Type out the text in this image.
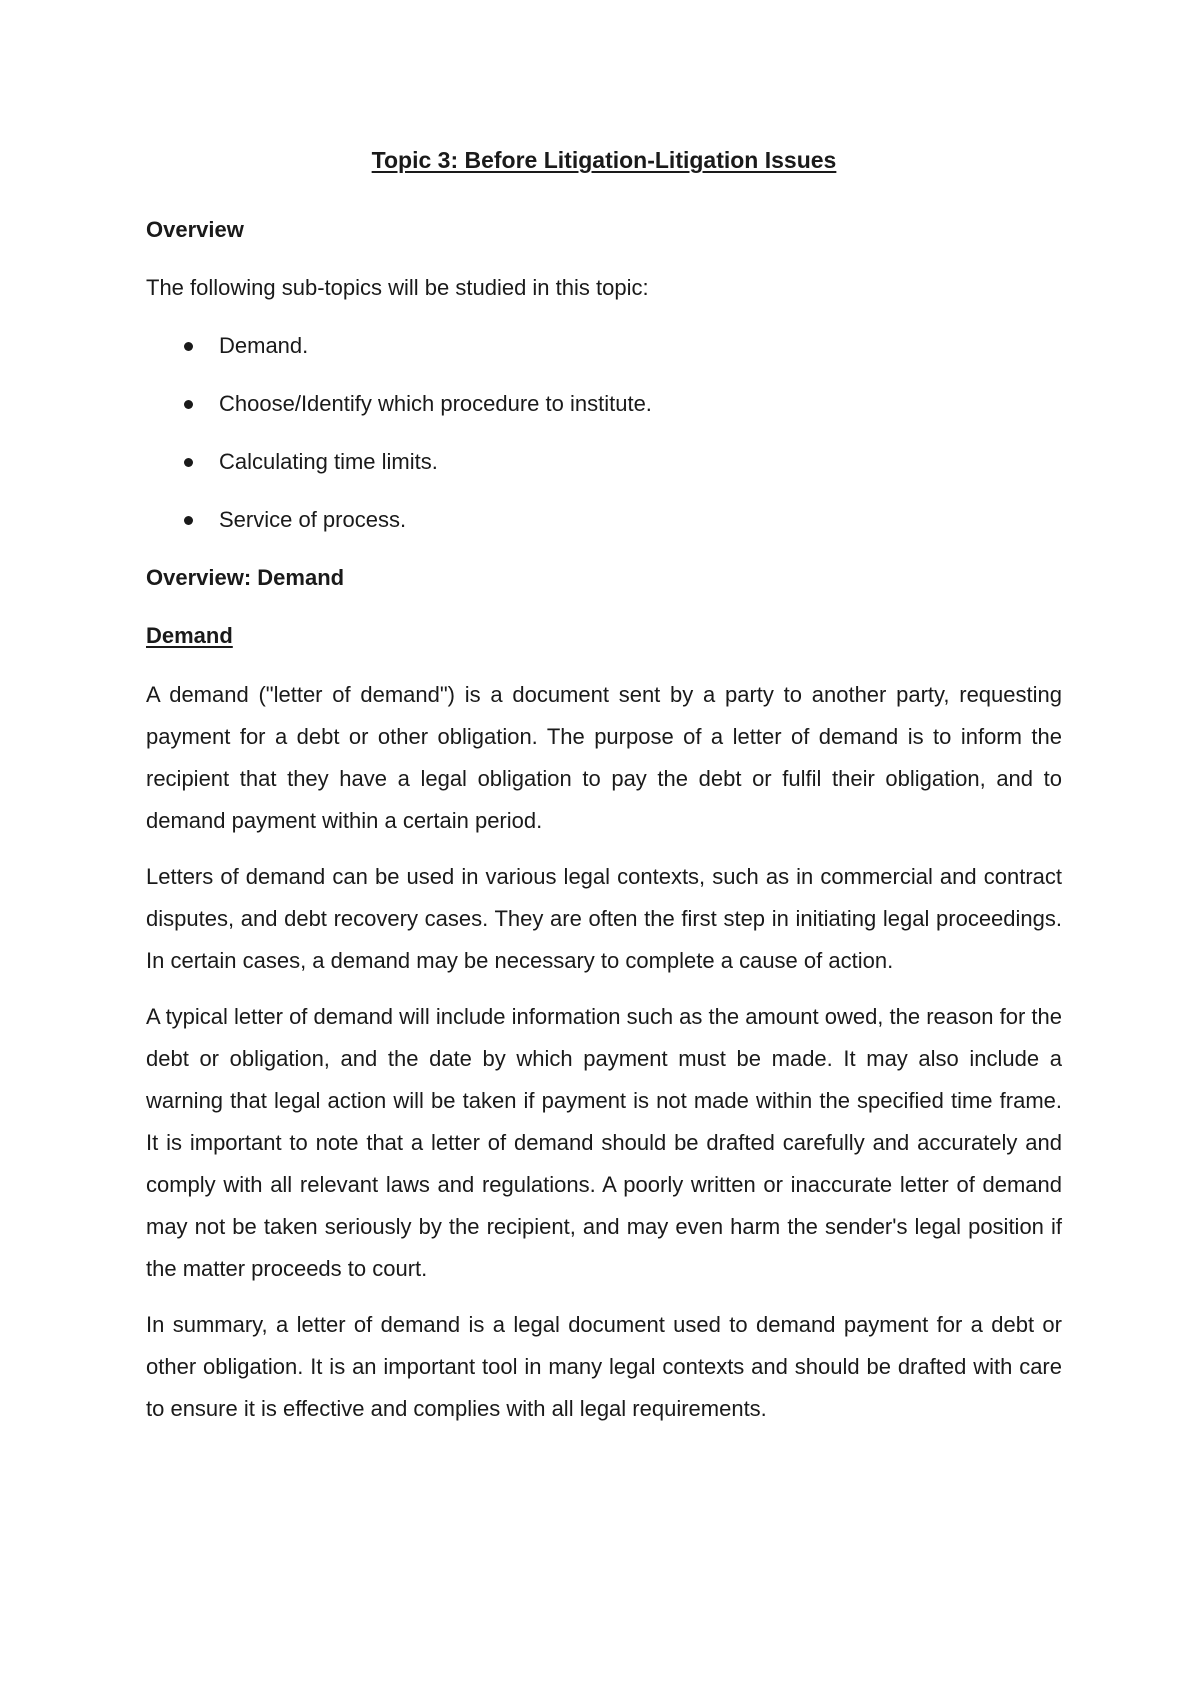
Topic 3: Before Litigation-Litigation Issues
Overview
The following sub-topics will be studied in this topic:
Demand.
Choose/Identify which procedure to institute.
Calculating time limits.
Service of process.
Overview: Demand
Demand

A demand ("letter of demand") is a document sent by a party to another party, requesting payment for a debt or other obligation. The purpose of a letter of demand is to inform the recipient that they have a legal obligation to pay the debt or fulfil their obligation, and to demand payment within a certain period.

Letters of demand can be used in various legal contexts, such as in commercial and contract disputes, and debt recovery cases. They are often the first step in initiating legal proceedings. In certain cases, a demand may be necessary to complete a cause of action.

A typical letter of demand will include information such as the amount owed, the reason for the debt or obligation, and the date by which payment must be made. It may also include a warning that legal action will be taken if payment is not made within the specified time frame. It is important to note that a letter of demand should be drafted carefully and accurately and comply with all relevant laws and regulations. A poorly written or inaccurate letter of demand may not be taken seriously by the recipient, and may even harm the sender's legal position if the matter proceeds to court.

In summary, a letter of demand is a legal document used to demand payment for a debt or other obligation. It is an important tool in many legal contexts and should be drafted with care to ensure it is effective and complies with all legal requirements.
